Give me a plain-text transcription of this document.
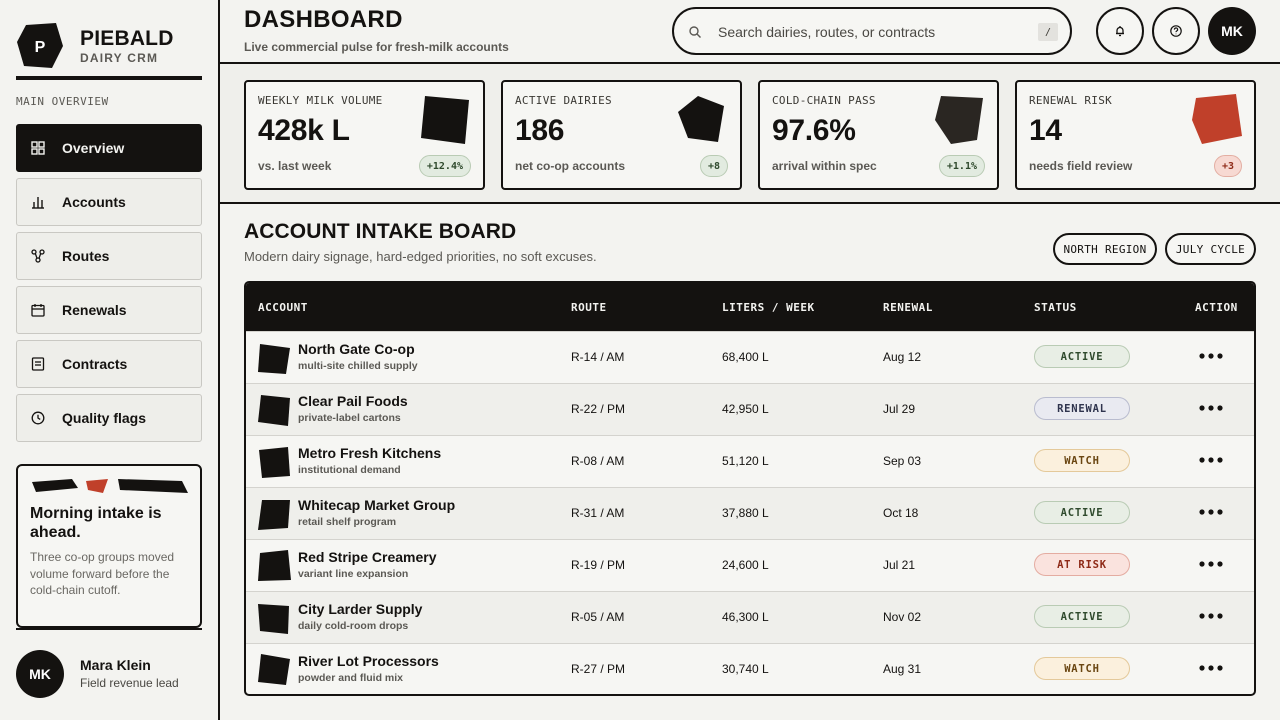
P PIEBALD
DAIRY CRM
MAIN OVERVIEW
Overview
Accounts
Routes
Renewals
Contracts
Quality flags
Morning intake is ahead.
Three co-op groups moved volume forward before the cold-chain cutoff.
MK
Mara Klein
Field revenue lead
DASHBOARD
Live commercial pulse for fresh-milk accounts
Search dairies, routes, or contracts
/	MK
WEEKLY MILK VOLUME
428k L
vs. last week	+12.4%
ACTIVE DAIRIES
186
net co-op accounts	+8
COLD-CHAIN PASS
97.6%
arrival within spec	+1.1%
RENEWAL RISK
14
needs field review	+3
ACCOUNT INTAKE BOARD
Modern dairy signage, hard-edged priorities, no soft excuses.	NORTH REGION	JULY CYCLE
ACCOUNT	ROUTE	LITERS / WEEK	RENEWAL	STATUS	ACTION
North Gate Co-op
multi-site chilled supply
R-14 / AM	68,400 L	Aug 12	ACTIVE
Clear Pail Foods
private-label cartons
R-22 / PM	42,950 L	Jul 29	RENEWAL
Metro Fresh Kitchens
institutional demand
R-08 / AM	51,120 L	Sep 03	WATCH
Whitecap Market Group
retail shelf program
R-31 / AM	37,880 L	Oct 18	ACTIVE
Red Stripe Creamery
variant line expansion
R-19 / PM	24,600 L	Jul 21	AT RISK
City Larder Supply
daily cold-room drops
R-05 / AM	46,300 L	Nov 02	ACTIVE
River Lot Processors
powder and fluid mix
R-27 / PM	30,740 L	Aug 31	WATCH
